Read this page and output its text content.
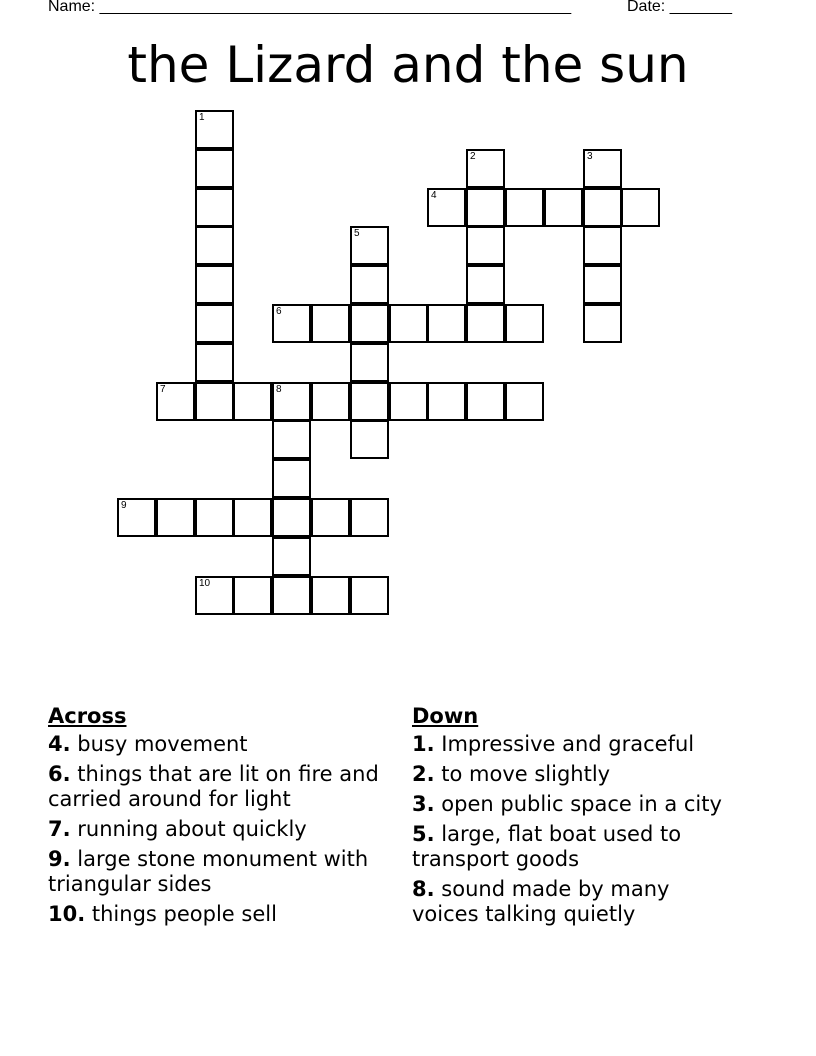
Name: _____________________________________________________	Date: _______
the Lizard and the sun
1
2	3
4
5
6
7	8
9
10
Across
4. busy movement
6. things that are lit on fire and carried around for light
7. running about quickly
9. large stone monument with triangular sides
10. things people sell
Down
1. Impressive and graceful
2. to move slightly
3. open public space in a city
5. large, flat boat used to transport goods
8. sound made by many voices talking quietly
